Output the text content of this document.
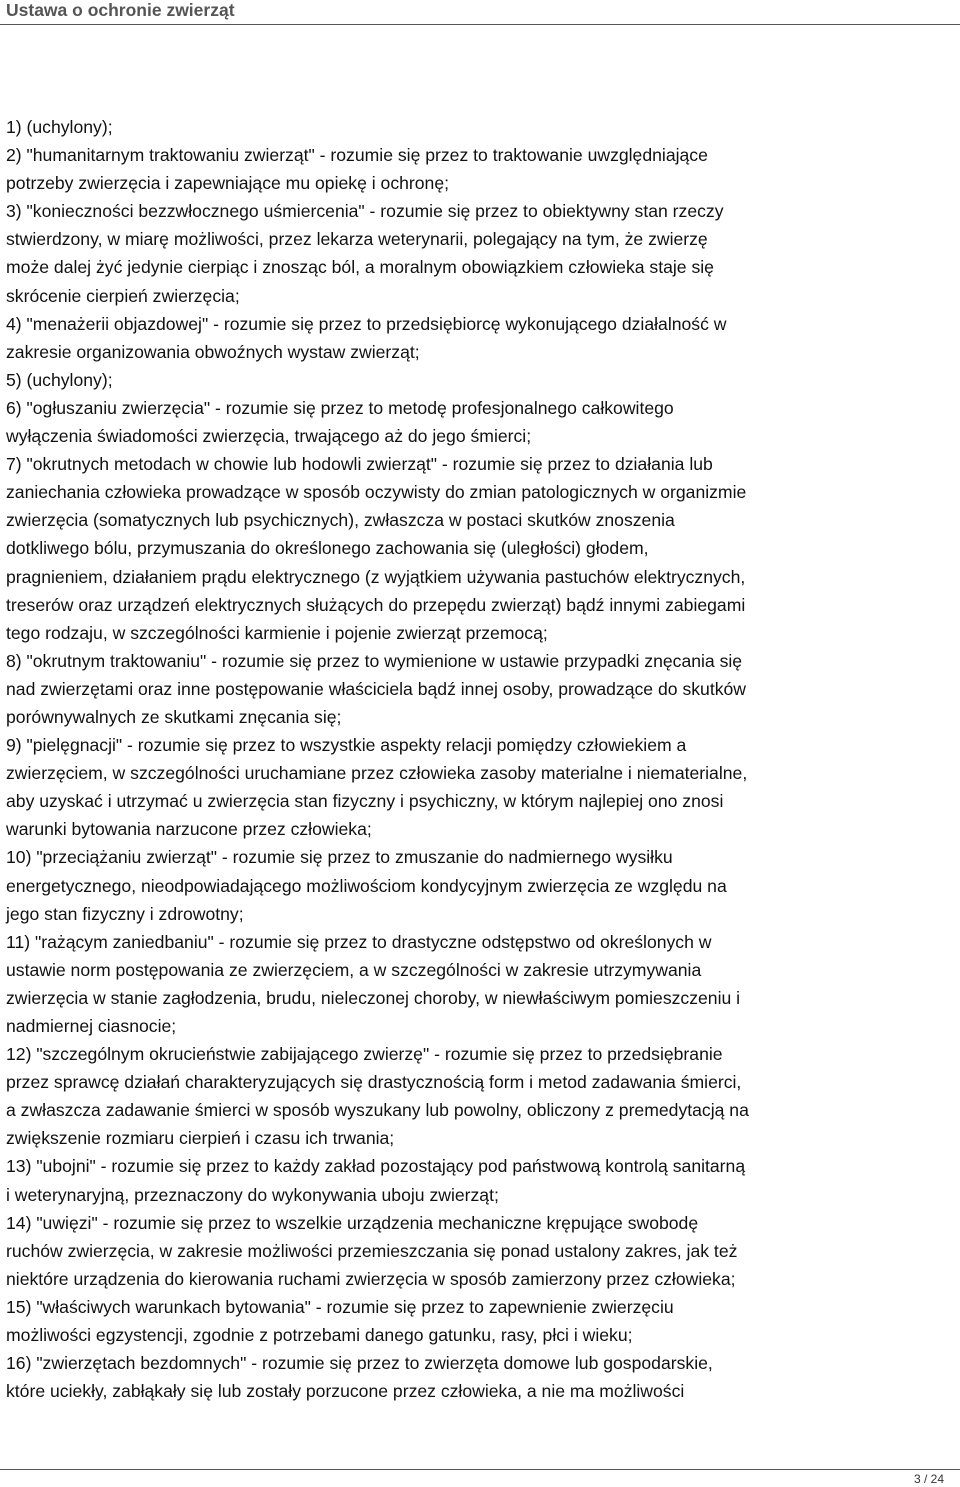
Ustawa o ochronie zwierząt
1) (uchylony);
2) "humanitarnym traktowaniu zwierząt" - rozumie się przez to traktowanie uwzględniające
potrzeby zwierzęcia i zapewniające mu opiekę i ochronę;
3) "konieczności bezzwłocznego uśmiercenia" - rozumie się przez to obiektywny stan rzeczy
stwierdzony, w miarę możliwości, przez lekarza weterynarii, polegający na tym, że zwierzę
może dalej żyć jedynie cierpiąc i znosząc ból, a moralnym obowiązkiem człowieka staje się
skrócenie cierpień zwierzęcia;
4) "menażerii objazdowej" - rozumie się przez to przedsiębiorcę wykonującego działalność w
zakresie organizowania obwoźnych wystaw zwierząt;
5) (uchylony);
6) "ogłuszaniu zwierzęcia" - rozumie się przez to metodę profesjonalnego całkowitego
wyłączenia świadomości zwierzęcia, trwającego aż do jego śmierci;
7) "okrutnych metodach w chowie lub hodowli zwierząt" - rozumie się przez to działania lub
zaniechania człowieka prowadzące w sposób oczywisty do zmian patologicznych w organizmie
zwierzęcia (somatycznych lub psychicznych), zwłaszcza w postaci skutków znoszenia
dotkliwego bólu, przymuszania do określonego zachowania się (uległości) głodem,
pragnieniem, działaniem prądu elektrycznego (z wyjątkiem używania pastuchów elektrycznych,
treserów oraz urządzeń elektrycznych służących do przepędu zwierząt) bądź innymi zabiegami
tego rodzaju, w szczególności karmienie i pojenie zwierząt przemocą;
8) "okrutnym traktowaniu" - rozumie się przez to wymienione w ustawie przypadki znęcania się
nad zwierzętami oraz inne postępowanie właściciela bądź innej osoby, prowadzące do skutków
porównywalnych ze skutkami znęcania się;
9) "pielęgnacji" - rozumie się przez to wszystkie aspekty relacji pomiędzy człowiekiem a
zwierzęciem, w szczególności uruchamiane przez człowieka zasoby materialne i niematerialne,
aby uzyskać i utrzymać u zwierzęcia stan fizyczny i psychiczny, w którym najlepiej ono znosi
warunki bytowania narzucone przez człowieka;
10) "przeciążaniu zwierząt" - rozumie się przez to zmuszanie do nadmiernego wysiłku
energetycznego, nieodpowiadającego możliwościom kondycyjnym zwierzęcia ze względu na
jego stan fizyczny i zdrowotny;
11) "rażącym zaniedbaniu" - rozumie się przez to drastyczne odstępstwo od określonych w
ustawie norm postępowania ze zwierzęciem, a w szczególności w zakresie utrzymywania
zwierzęcia w stanie zagłodzenia, brudu, nieleczonej choroby, w niewłaściwym pomieszczeniu i
nadmiernej ciasnocie;
12) "szczególnym okrucieństwie zabijającego zwierzę" - rozumie się przez to przedsiębranie
przez sprawcę działań charakteryzujących się drastycznością form i metod zadawania śmierci,
a zwłaszcza zadawanie śmierci w sposób wyszukany lub powolny, obliczony z premedytacją na
zwiększenie rozmiaru cierpień i czasu ich trwania;
13) "ubojni" - rozumie się przez to każdy zakład pozostający pod państwową kontrolą sanitarną
i weterynaryjną, przeznaczony do wykonywania uboju zwierząt;
14) "uwięzi" - rozumie się przez to wszelkie urządzenia mechaniczne krępujące swobodę
ruchów zwierzęcia, w zakresie możliwości przemieszczania się ponad ustalony zakres, jak też
niektóre urządzenia do kierowania ruchami zwierzęcia w sposób zamierzony przez człowieka;
15) "właściwych warunkach bytowania" - rozumie się przez to zapewnienie zwierzęciu
możliwości egzystencji, zgodnie z potrzebami danego gatunku, rasy, płci i wieku;
16) "zwierzętach bezdomnych" - rozumie się przez to zwierzęta domowe lub gospodarskie,
które uciekły, zabłąkały się lub zostały porzucone przez człowieka, a nie ma możliwości
3 / 24
